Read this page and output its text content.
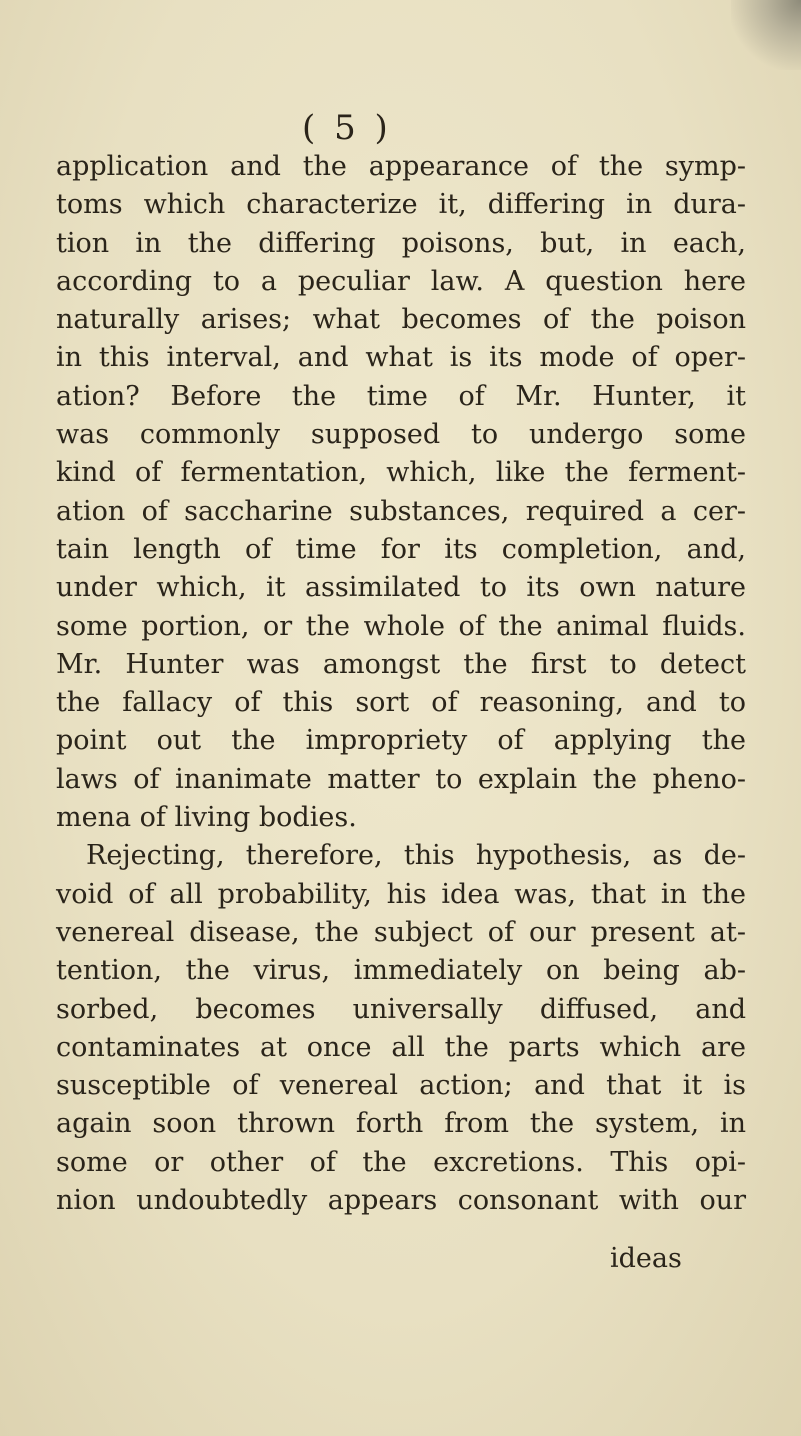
( 5 )
application and the appearance of the symp-
toms which characterize it, differing in dura-
tion in the differing poisons, but, in each,
according to a peculiar law. A question here
naturally arises; what becomes of the poison
in this interval, and what is its mode of oper-
ation? Before the time of Mr. Hunter, it
was commonly supposed to undergo some
kind of fermentation, which, like the ferment-
ation of saccharine substances, required a cer-
tain length of time for its completion, and,
under which, it assimilated to its own nature
some portion, or the whole of the animal fluids.
Mr. Hunter was amongst the first to detect
the fallacy of this sort of reasoning, and to
point out the impropriety of applying the
laws of inanimate matter to explain the pheno-
mena of living bodies.
Rejecting, therefore, this hypothesis, as de-
void of all probability, his idea was, that in the
venereal disease, the subject of our present at-
tention, the virus, immediately on being ab-
sorbed, becomes universally diffused, and
contaminates at once all the parts which are
susceptible of venereal action; and that it is
again soon thrown forth from the system, in
some or other of the excretions. This opi-
nion undoubtedly appears consonant with our
ideas
